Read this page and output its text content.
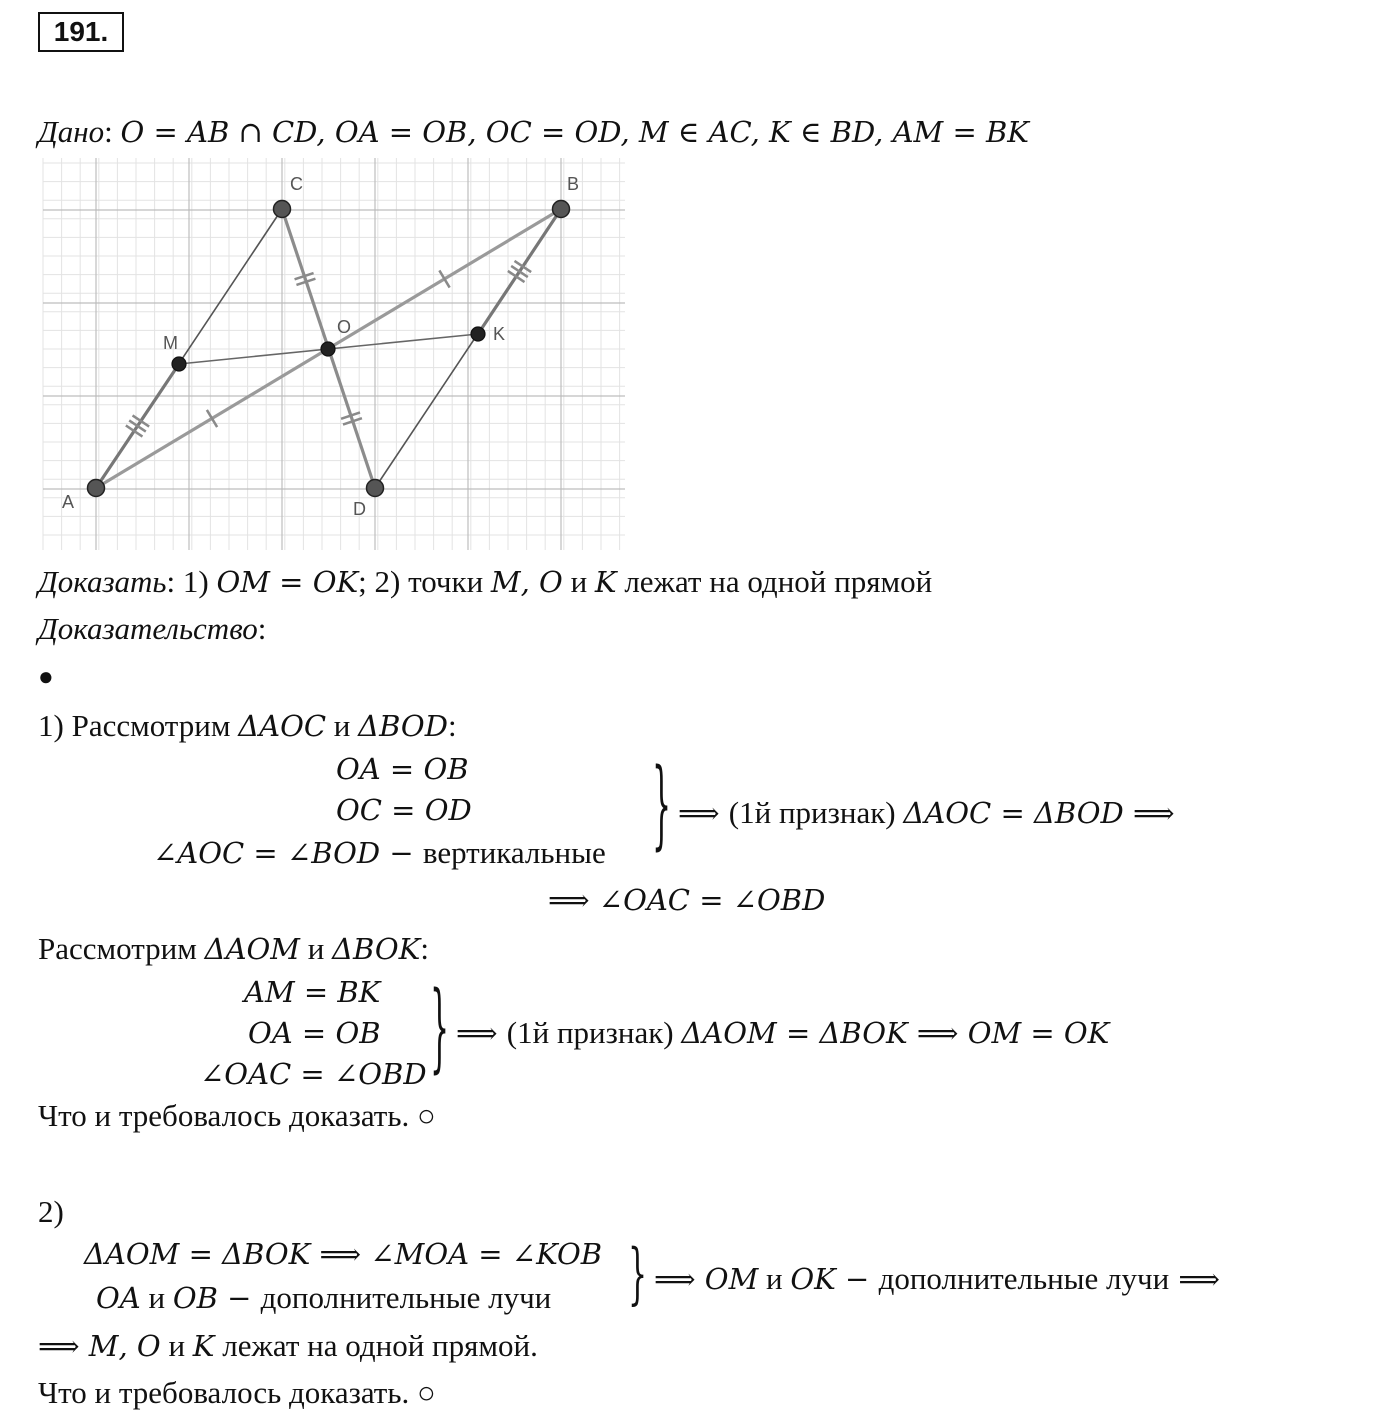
191.
Дано: O = AB ∩ CD, OA = OB, OC = OD, M ∈ AC, K ∈ BD, AM = BK
C	B
O
M	K
A	D
Доказать: 1) OM = OK; 2) точки M, O и K лежат на одной прямой
Доказательство:
●
1) Рассмотрим ΔAOC и ΔBOD:
OA = OB
OC = OD
∠AOC = ∠BOD − вертикальные } ⟹ (1й признак) ΔAOC = ΔBOD ⟹
⟹ ∠OAC = ∠OBD
Рассмотрим ΔAOM и ΔBOK:
AM = BK
OA = OB
∠OAC = ∠OBD } ⟹ (1й признак) ΔAOM = ΔBOK ⟹ OM = OK
Что и требовалось доказать. ○
2)
ΔAOM = ΔBOK ⟹ ∠MOA = ∠KOB
OA и OB − дополнительные лучи	} ⟹ OM и OK − дополнительные лучи ⟹
⟹ M, O и K лежат на одной прямой.
Что и требовалось доказать. ○
